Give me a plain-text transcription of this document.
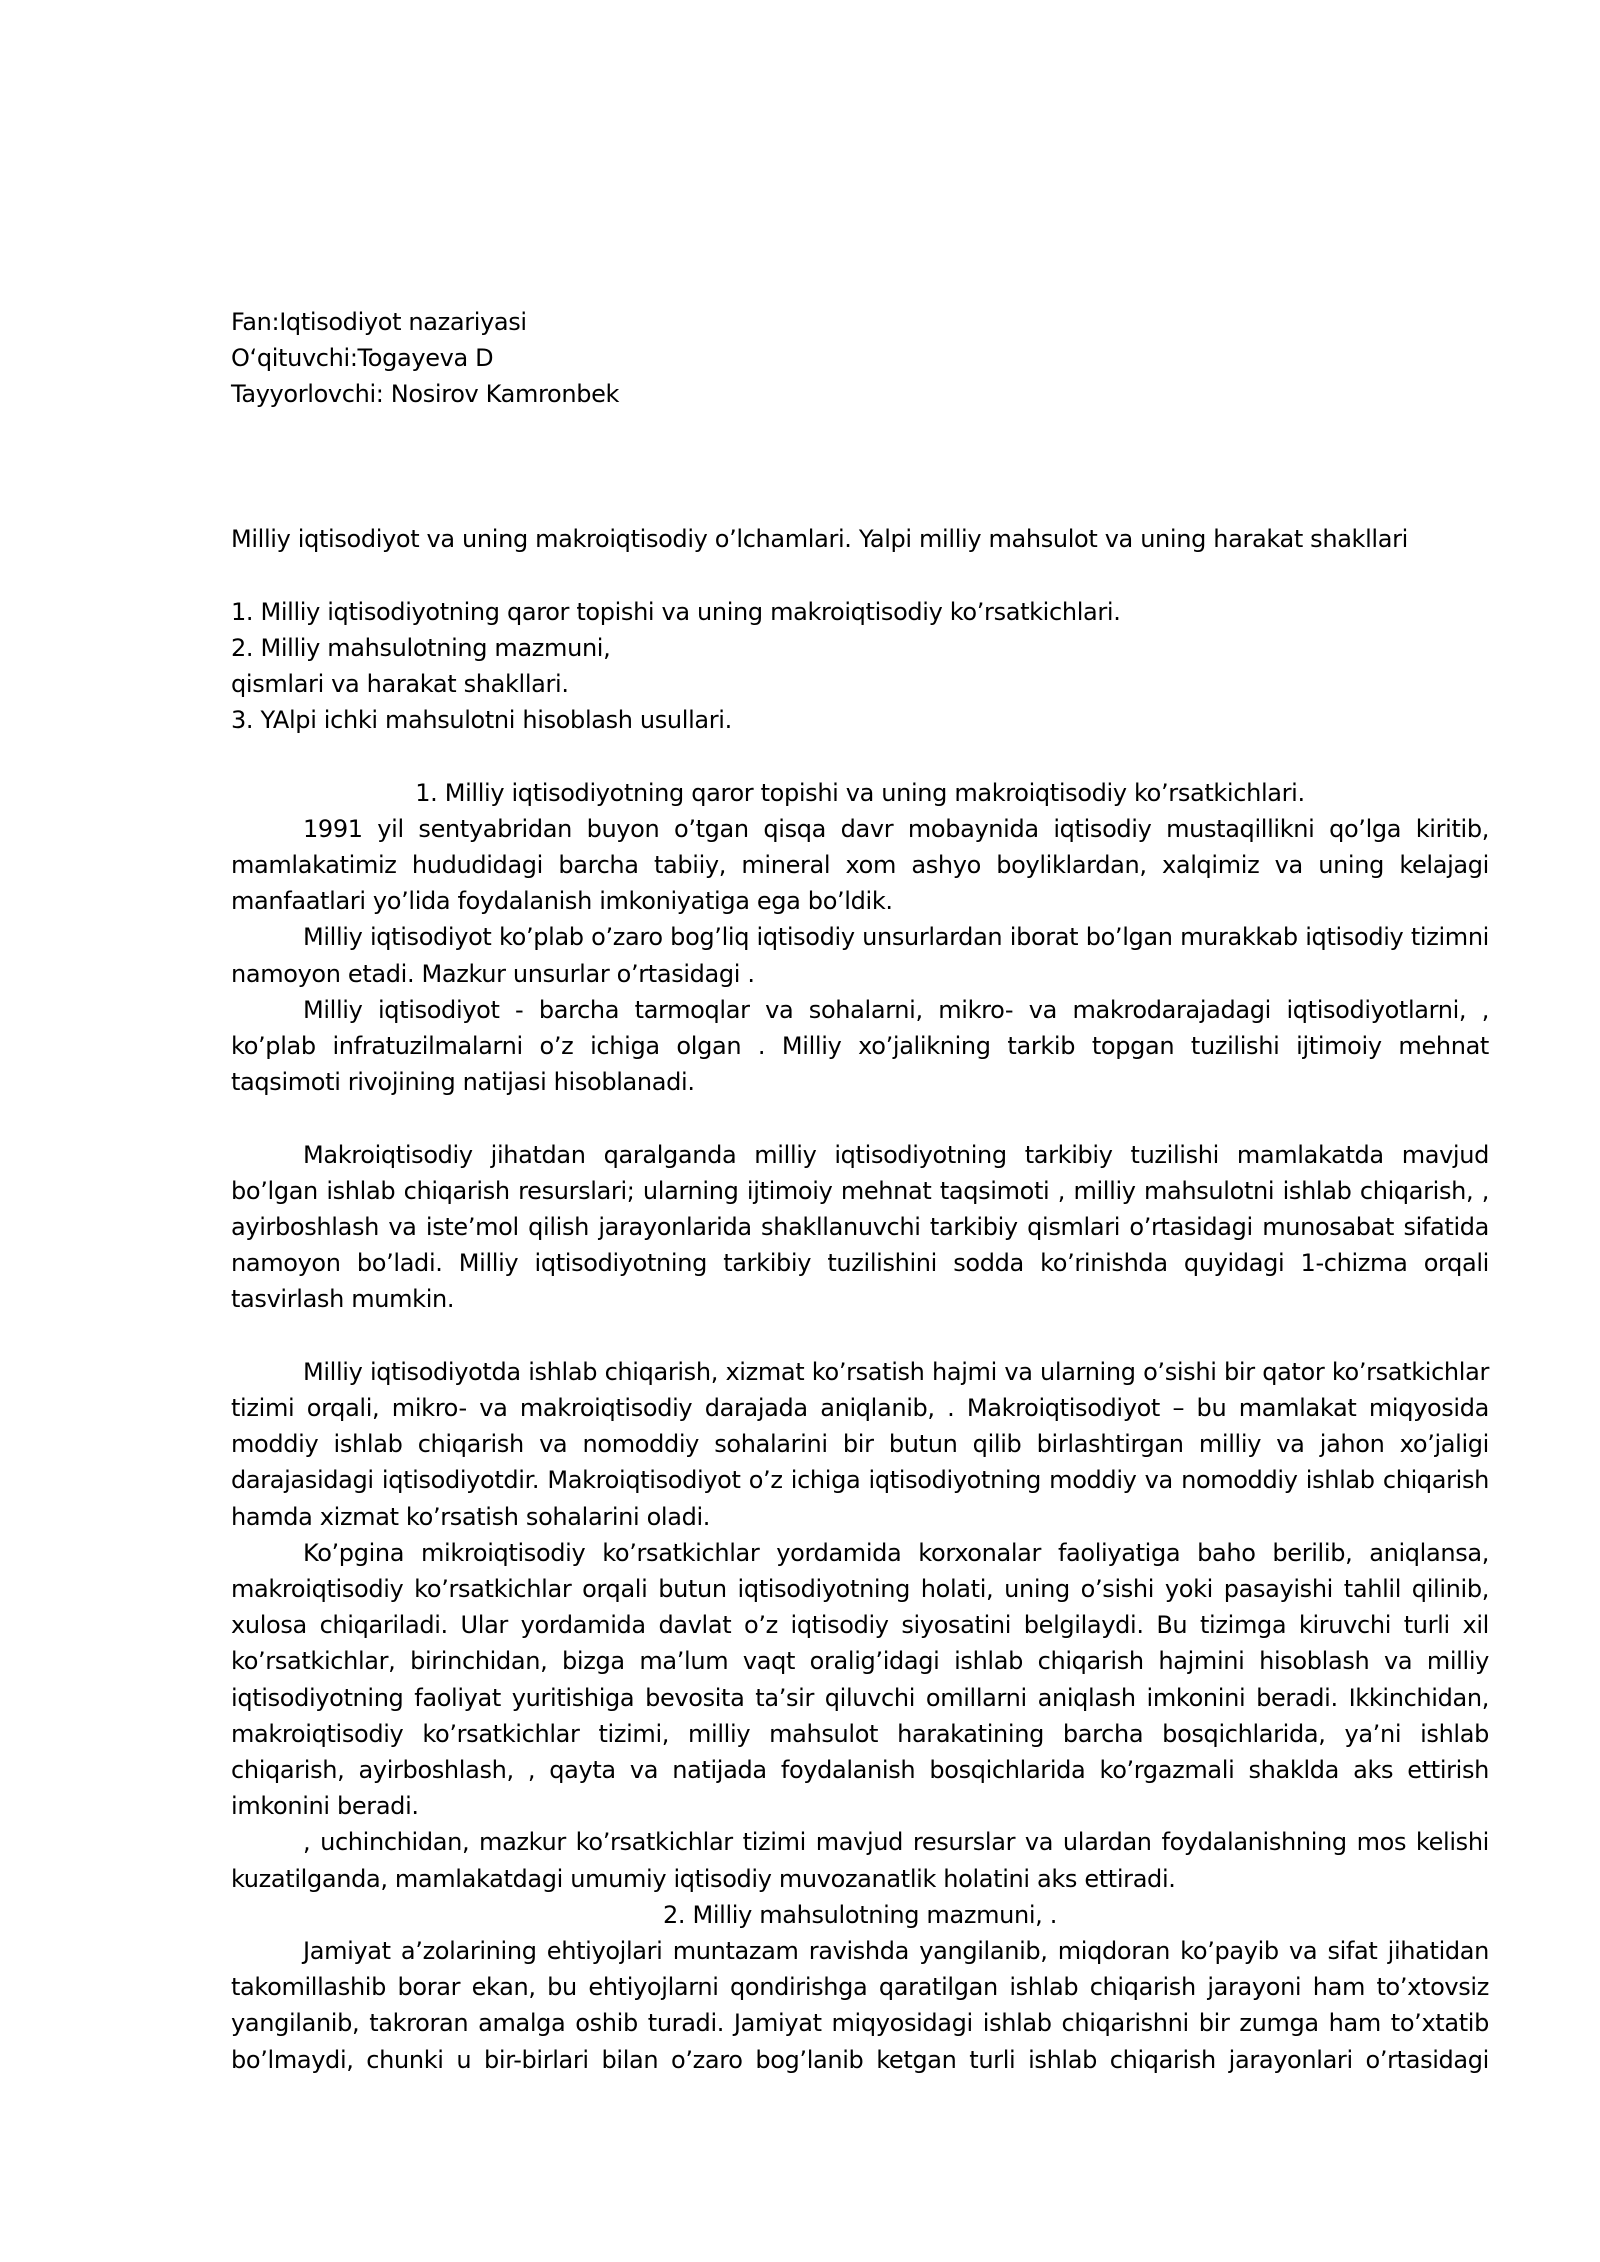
Fan:Iqtisodiyot nazariyasi

O‘qituvchi:Togayeva D

Tayyorlovchi: Nosirov Kamronbek

Milliy iqtisodiyot va uning makroiqtisodiy o’lchamlari. Yalpi milliy mahsulot va uning harakat shakllari

1. Milliy iqtisodiyotning qaror topishi va uning makroiqtisodiy ko’rsatkichlari.

2. Milliy mahsulotning mazmuni,

qismlari va harakat shakllari.

3. YAlpi ichki mahsulotni hisoblash usullari.

1. Milliy iqtisodiyotning qaror topishi va uning makroiqtisodiy ko’rsatkichlari.

1991 yil sentyabridan buyon o’tgan qisqa davr mobaynida iqtisodiy mustaqillikni qo’lga kiritib, mamlakatimiz hududidagi barcha tabiiy, mineral xom ashyo boyliklardan, xalqimiz va uning kelajagi manfaatlari yo’lida foydalanish imkoniyatiga ega bo’ldik.

Milliy iqtisodiyot ko’plab o’zaro bog’liq iqtisodiy unsurlardan iborat bo’lgan murakkab iqtisodiy tizimni namoyon etadi. Mazkur unsurlar o’rtasidagi .

Milliy iqtisodiyot - barcha tarmoqlar va sohalarni, mikro- va makrodarajadagi iqtisodiyotlarni, , ko’plab infratuzilmalarni o’z ichiga olgan . Milliy xo’jalikning tarkib topgan tuzilishi ijtimoiy mehnat taqsimoti rivojining natijasi hisoblanadi.

Makroiqtisodiy jihatdan qaralganda milliy iqtisodiyotning tarkibiy tuzilishi mamlakatda mavjud bo’lgan ishlab chiqarish resurslari; ularning ijtimoiy mehnat taqsimoti , milliy mahsulotni ishlab chiqarish, , ayirboshlash va iste’mol qilish jarayonlarida shakllanuvchi tarkibiy qismlari o’rtasidagi munosabat sifatida namoyon bo’ladi. Milliy iqtisodiyotning tarkibiy tuzilishini sodda ko’rinishda quyidagi 1-chizma orqali tasvirlash mumkin.

Milliy iqtisodiyotda ishlab chiqarish, xizmat ko’rsatish hajmi va ularning o’sishi bir qator ko’rsatkichlar tizimi orqali, mikro- va makroiqtisodiy darajada aniqlanib, . Makroiqtisodiyot – bu mamlakat miqyosida moddiy ishlab chiqarish va nomoddiy sohalarini bir butun qilib birlashtirgan milliy va jahon xo’jaligi darajasidagi iqtisodiyotdir. Makroiqtisodiyot o’z ichiga iqtisodiyotning moddiy va nomoddiy ishlab chiqarish hamda xizmat ko’rsatish sohalarini oladi.

Ko’pgina mikroiqtisodiy ko’rsatkichlar yordamida korxonalar faoliyatiga baho berilib, aniqlansa, makroiqtisodiy ko’rsatkichlar orqali butun iqtisodiyotning holati, uning o’sishi yoki pasayishi tahlil qilinib, xulosa chiqariladi. Ular yordamida davlat o’z iqtisodiy siyosatini belgilaydi. Bu tizimga kiruvchi turli xil ko’rsatkichlar, birinchidan, bizga ma’lum vaqt oralig’idagi ishlab chiqarish hajmini hisoblash va milliy iqtisodiyotning faoliyat yuritishiga bevosita ta’sir qiluvchi omillarni aniqlash imkonini beradi. Ikkinchidan, makroiqtisodiy ko’rsatkichlar tizimi, milliy mahsulot harakatining barcha bosqichlarida, ya’ni ishlab chiqarish, ayirboshlash, , qayta va natijada foydalanish bosqichlarida ko’rgazmali shaklda aks ettirish imkonini beradi.

, uchinchidan, mazkur ko’rsatkichlar tizimi mavjud resurslar va ulardan foydalanishning mos kelishi kuzatilganda, mamlakatdagi umumiy iqtisodiy muvozanatlik holatini aks ettiradi.

2. Milliy mahsulotning mazmuni, .

Jamiyat a’zolarining ehtiyojlari muntazam ravishda yangilanib, miqdoran ko’payib va sifat jihatidan takomillashib borar ekan, bu ehtiyojlarni qondirishga qaratilgan ishlab chiqarish jarayoni ham to’xtovsiz yangilanib, takroran amalga oshib turadi. Jamiyat miqyosidagi ishlab chiqarishni bir zumga ham to’xtatib bo’lmaydi, chunki u bir-birlari bilan o’zaro bog’lanib ketgan turli ishlab chiqarish jarayonlari o’rtasidagi
